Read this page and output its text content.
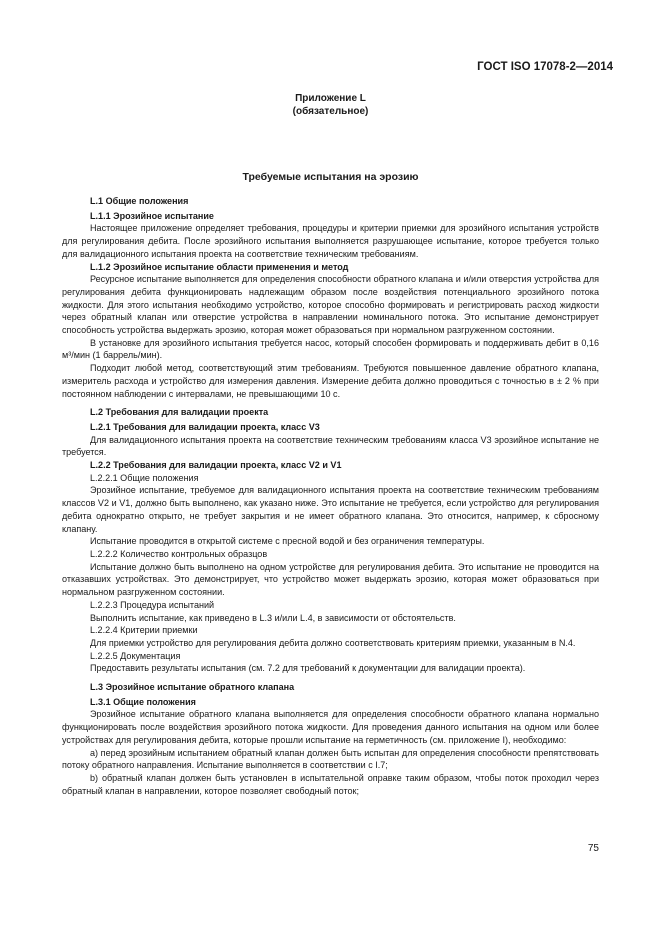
ГОСТ ISO 17078-2—2014
Приложение L
(обязательное)
Требуемые испытания на эрозию

L.1 Общие положения

L.1.1 Эрозийное испытание

Настоящее приложение определяет требования, процедуры и критерии приемки для эрозийного испытания устройств для регулирования дебита. После эрозийного испытания выполняется разрушающее испытание, которое требуется только для валидационного испытания проекта на соответствие техническим требованиям.

L.1.2 Эрозийное испытание области применения и метод

Ресурсное испытание выполняется для определения способности обратного клапана и и/или отверстия устройства для регулирования дебита функционировать надлежащим образом после воздействия потенциального эрозийного потока жидкости. Для этого испытания необходимо устройство, которое способно формировать и регистрировать расход жидкости через обратный клапан или отверстие устройства в направлении номинального потока. Это испытание демонстрирует способность устройства выдержать эрозию, которая может образоваться при нормальном разгруженном состоянии.

В установке для эрозийного испытания требуется насос, который способен формировать и поддерживать дебит в 0,16 м³/мин (1 баррель/мин).

Подходит любой метод, соответствующий этим требованиям. Требуются повышенное давление обратного клапана, измеритель расхода и устройство для измерения давления. Измерение дебита должно проводиться с точностью в ± 2 % при постоянном наблюдении с интервалами, не превышающими 10 с.

L.2 Требования для валидации проекта

L.2.1 Требования для валидации проекта, класс V3

Для валидационного испытания проекта на соответствие техническим требованиям класса V3 эрозийное испытание не требуется.

L.2.2 Требования для валидации проекта, класс V2 и V1

L.2.2.1 Общие положения

Эрозийное испытание, требуемое для валидационного испытания проекта на соответствие техническим требованиям классов V2 и V1, должно быть выполнено, как указано ниже. Это испытание не требуется, если устройство для регулирования дебита однократно открыто, не требует закрытия и не имеет обратного клапана. Это относится, например, к сбросному клапану.

Испытание проводится в открытой системе с пресной водой и без ограничения температуры.

L.2.2.2 Количество контрольных образцов

Испытание должно быть выполнено на одном устройстве для регулирования дебита. Это испытание не проводится на отказавших устройствах. Это демонстрирует, что устройство может выдержать эрозию, которая может образоваться при нормальном разгруженном состоянии.

L.2.2.3 Процедура испытаний

Выполнить испытание, как приведено в L.3 и/или L.4, в зависимости от обстоятельств.

L.2.2.4 Критерии приемки

Для приемки устройство для регулирования дебита должно соответствовать критериям приемки, указанным в N.4.

L.2.2.5 Документация

Предоставить результаты испытания (см. 7.2 для требований к документации для валидации проекта).

L.3 Эрозийное испытание обратного клапана

L.3.1 Общие положения

Эрозийное испытание обратного клапана выполняется для определения способности обратного клапана нормально функционировать после воздействия эрозийного потока жидкости. Для проведения данного испытания на одном или более устройствах для регулирования дебита, которые прошли испытание на герметичность (см. приложение I), необходимо:

a) перед эрозийным испытанием обратный клапан должен быть испытан для определения способности препятствовать потоку обратного направления. Испытание выполняется в соответствии с I.7;

b) обратный клапан должен быть установлен в испытательной оправке таким образом, чтобы поток проходил через обратный клапан в направлении, которое позволяет свободный поток;

75
